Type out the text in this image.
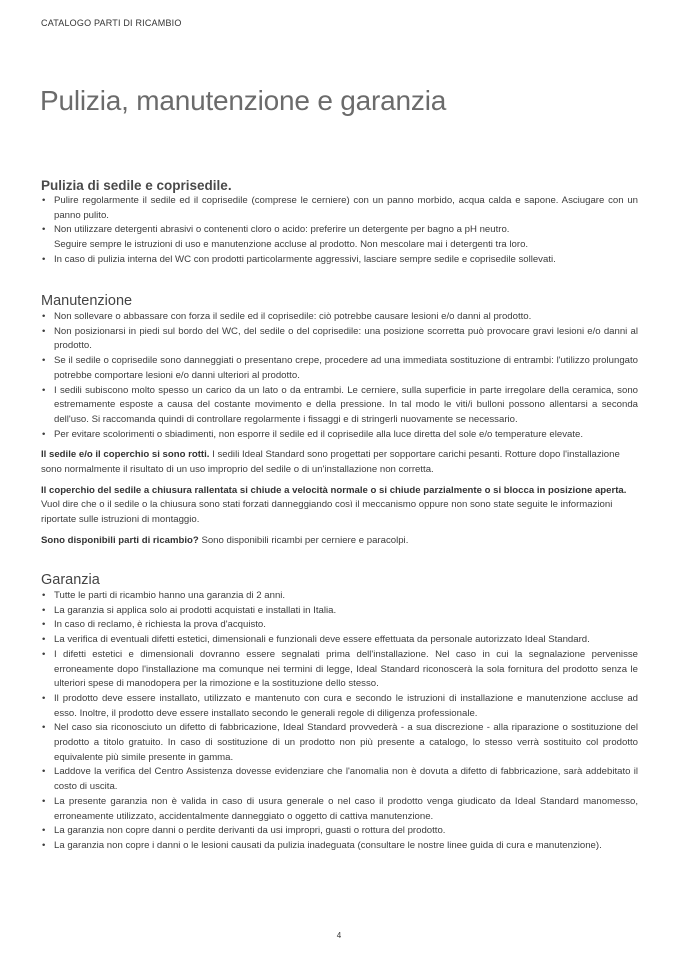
CATALOGO PARTI DI RICAMBIO
Pulizia, manutenzione e garanzia
Pulizia di sedile e coprisedile.
• Pulire regolarmente il sedile ed il coprisedile (comprese le cerniere) con un panno morbido, acqua calda e sapone. Asciugare con un panno pulito.
• Non utilizzare detergenti abrasivi o contenenti cloro o acido: preferire un detergente per bagno a pH neutro.

Seguire sempre le istruzioni di uso e manutenzione accluse al prodotto. Non mescolare mai i detergenti tra loro.

• In caso di pulizia interna del WC con prodotti particolarmente aggressivi, lasciare sempre sedile e coprisedile sollevati.
Manutenzione
• Non sollevare o abbassare con forza il sedile ed il coprisedile: ciò potrebbe causare lesioni e/o danni al prodotto.
• Non posizionarsi in piedi sul bordo del WC, del sedile o del coprisedile: una posizione scorretta può provocare gravi lesioni e/o danni al prodotto.
• Se il sedile o coprisedile sono danneggiati o presentano crepe, procedere ad una immediata sostituzione di entrambi: l'utilizzo prolungato potrebbe comportare lesioni e/o danni ulteriori al prodotto.
• I sedili subiscono molto spesso un carico da un lato o da entrambi. Le cerniere, sulla superficie in parte irregolare della ceramica, sono estremamente esposte a causa del costante movimento e della pressione. In tal modo le viti/i bulloni possono allentarsi a seconda dell'uso. Si raccomanda quindi di controllare regolarmente i fissaggi e di stringerli nuovamente se necessario.
• Per evitare scolorimenti o sbiadimenti, non esporre il sedile ed il coprisedile alla luce diretta del sole e/o temperature elevate.

Il sedile e/o il coperchio si sono rotti. I sedili Ideal Standard sono progettati per sopportare carichi pesanti. Rotture dopo l'installazione sono normalmente il risultato di un uso improprio del sedile o di un'installazione non corretta.

Il coperchio del sedile a chiusura rallentata si chiude a velocità normale o si chiude parzialmente o si blocca in posizione aperta. Vuol dire che o il sedile o la chiusura sono stati forzati danneggiando così il meccanismo oppure non sono state seguite le informazioni riportate sulle istruzioni di montaggio.

Sono disponibili parti di ricambio? Sono disponibili ricambi per cerniere e paracolpi.

Garanzia
• Tutte le parti di ricambio hanno una garanzia di 2 anni.
• La garanzia si applica solo ai prodotti acquistati e installati in Italia.
• In caso di reclamo, è richiesta la prova d'acquisto.
• La verifica di eventuali difetti estetici, dimensionali e funzionali deve essere effettuata da personale autorizzato Ideal Standard.
• I difetti estetici e dimensionali dovranno essere segnalati prima dell'installazione. Nel caso in cui la segnalazione pervenisse erroneamente dopo l'installazione ma comunque nei termini di legge, Ideal Standard riconoscerà la sola fornitura del prodotto senza le ulteriori spese di manodopera per la rimozione e la sostituzione dello stesso.
• Il prodotto deve essere installato, utilizzato e mantenuto con cura e secondo le istruzioni di installazione e manutenzione accluse ad esso. Inoltre, il prodotto deve essere installato secondo le generali regole di diligenza professionale.
• Nel caso sia riconosciuto un difetto di fabbricazione, Ideal Standard provvederà - a sua discrezione - alla riparazione o sostituzione del prodotto a titolo gratuito. In caso di sostituzione di un prodotto non più presente a catalogo, lo stesso verrà sostituito col prodotto equivalente più simile presente in gamma.
• Laddove la verifica del Centro Assistenza dovesse evidenziare che l'anomalia non è dovuta a difetto di fabbricazione, sarà addebitato il costo di uscita.
• La presente garanzia non è valida in caso di usura generale o nel caso il prodotto venga giudicato da Ideal Standard manomesso, erroneamente utilizzato, accidentalmente danneggiato o oggetto di cattiva manutenzione.
• La garanzia non copre danni o perdite derivanti da usi impropri, guasti o rottura del prodotto.
• La garanzia non copre i danni o le lesioni causati da pulizia inadeguata (consultare le nostre linee guida di cura e manutenzione).
4
